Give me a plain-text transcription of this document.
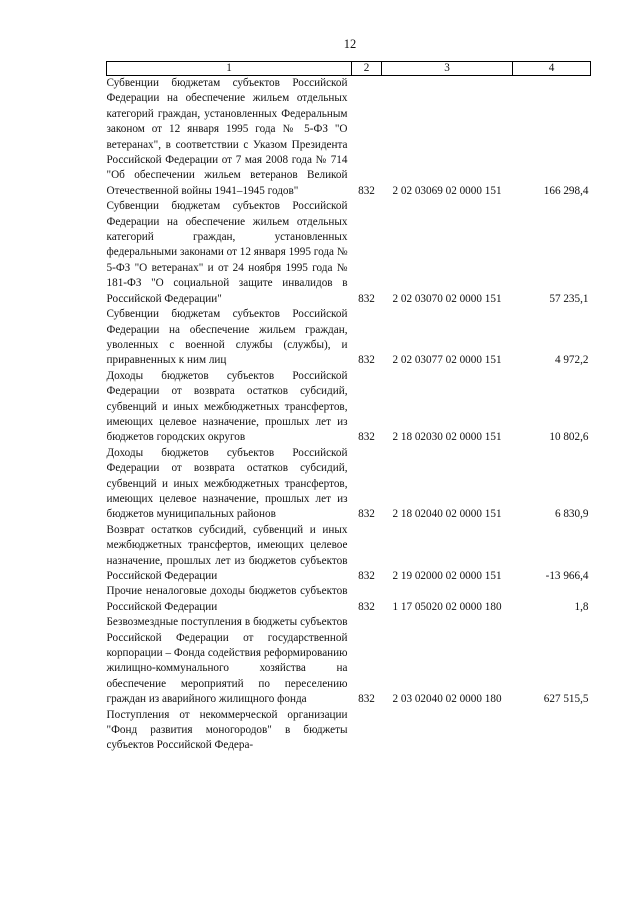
12
1	2	3	4
Субвенции бюджетам субъектов Российской Федерации на обеспечение жильем отдельных категорий граждан, установленных Федеральным законом от 12 января 1995 года № 5-ФЗ "О ветеранах", в соответствии с Указом Президента Российской Федерации от 7 мая 2008 года № 714 "Об обеспечении жильем ветеранов Великой Отечественной войны 1941–1945 годов"	832	2 02 03069 02 0000 151	166 298,4
Субвенции бюджетам субъектов Российской Федерации на обеспечение жильем отдельных категорий граждан, установленных федеральными законами от 12 января 1995 года № 5-ФЗ "О ветеранах" и от 24 ноября 1995 года № 181-ФЗ "О социальной защите инвалидов в Российской Федерации"	832	2 02 03070 02 0000 151	57 235,1
Субвенции бюджетам субъектов Российской Федерации на обеспечение жильем граждан, уволенных с военной службы (службы), и приравненных к ним лиц	832	2 02 03077 02 0000 151	4 972,2
Доходы бюджетов субъектов Российской Федерации от возврата остатков субсидий, субвенций и иных межбюджетных трансфертов, имеющих целевое назначение, прошлых лет из бюджетов городских округов	832	2 18 02030 02 0000 151	10 802,6
Доходы бюджетов субъектов Российской Федерации от возврата остатков субсидий, субвенций и иных межбюджетных трансфертов, имеющих целевое назначение, прошлых лет из бюджетов муниципальных районов	832	2 18 02040 02 0000 151	6 830,9
Возврат остатков субсидий, субвенций и иных межбюджетных трансфертов, имеющих целевое назначение, прошлых лет из бюджетов субъектов Российской Федерации	832	2 19 02000 02 0000 151	-13 966,4
Прочие неналоговые доходы бюджетов субъектов Российской Федерации	832	1 17 05020 02 0000 180	1,8
Безвозмездные поступления в бюджеты субъектов Российской Федерации от государственной корпорации – Фонда содействия реформированию жилищно-коммунального хозяйства на обеспечение мероприятий по переселению граждан из аварийного жилищного фонда	832	2 03 02040 02 0000 180	627 515,5
Поступления от некоммерческой организации "Фонд развития моногородов" в бюджеты субъектов Российской Федера-			
